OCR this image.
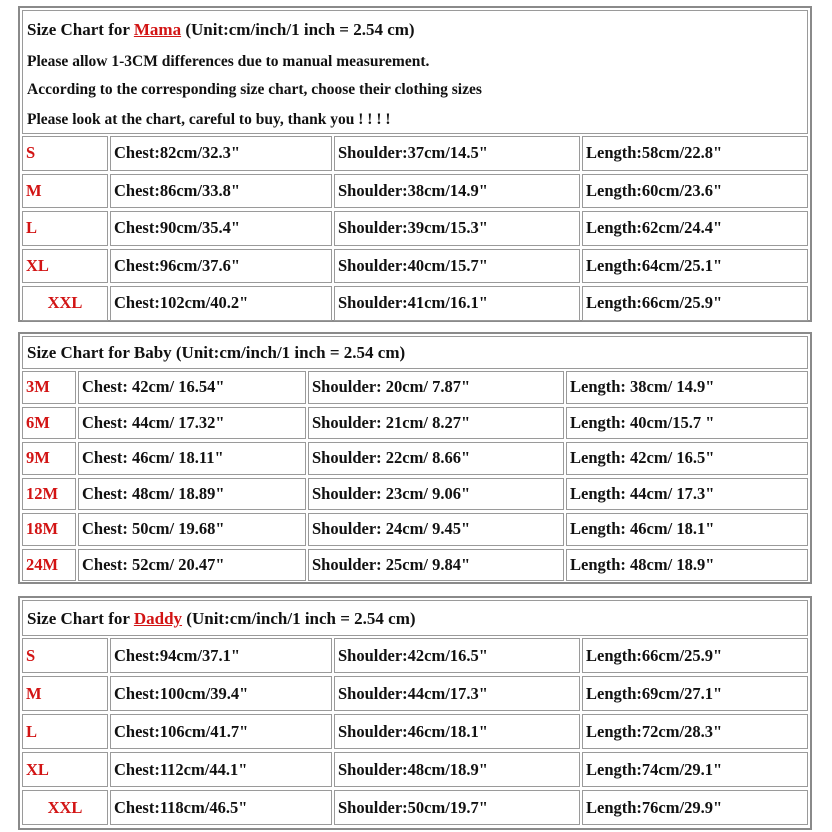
Size Chart for Mama (Unit:cm/inch/1 inch = 2.54 cm)
Please allow 1-3CM differences due to manual measurement.
According to the corresponding size chart, choose their clothing sizes
Please look at the chart, careful to buy, thank you ! ! ! !
S	Chest:82cm/32.3"	Shoulder:37cm/14.5"	Length:58cm/22.8"
M	Chest:86cm/33.8"	Shoulder:38cm/14.9"	Length:60cm/23.6"
L	Chest:90cm/35.4"	Shoulder:39cm/15.3"	Length:62cm/24.4"
XL	Chest:96cm/37.6"	Shoulder:40cm/15.7"	Length:64cm/25.1"
XXL	Chest:102cm/40.2"	Shoulder:41cm/16.1"	Length:66cm/25.9"
Size Chart for Baby (Unit:cm/inch/1 inch = 2.54 cm)
3M	Chest: 42cm/ 16.54"	Shoulder: 20cm/ 7.87"	Length: 38cm/ 14.9"
6M	Chest: 44cm/ 17.32"	Shoulder: 21cm/ 8.27"	Length: 40cm/15.7 "
9M	Chest: 46cm/ 18.11"	Shoulder: 22cm/ 8.66"	Length: 42cm/ 16.5"
12M	Chest: 48cm/ 18.89"	Shoulder: 23cm/ 9.06"	Length: 44cm/ 17.3"
18M	Chest: 50cm/ 19.68"	Shoulder: 24cm/ 9.45"	Length: 46cm/ 18.1"
24M	Chest: 52cm/ 20.47"	Shoulder: 25cm/ 9.84"	Length: 48cm/ 18.9"
Size Chart for Daddy (Unit:cm/inch/1 inch = 2.54 cm)
S	Chest:94cm/37.1"	Shoulder:42cm/16.5"	Length:66cm/25.9"
M	Chest:100cm/39.4"	Shoulder:44cm/17.3"	Length:69cm/27.1"
L	Chest:106cm/41.7"	Shoulder:46cm/18.1"	Length:72cm/28.3"
XL	Chest:112cm/44.1"	Shoulder:48cm/18.9"	Length:74cm/29.1"
XXL	Chest:118cm/46.5"	Shoulder:50cm/19.7"	Length:76cm/29.9"
